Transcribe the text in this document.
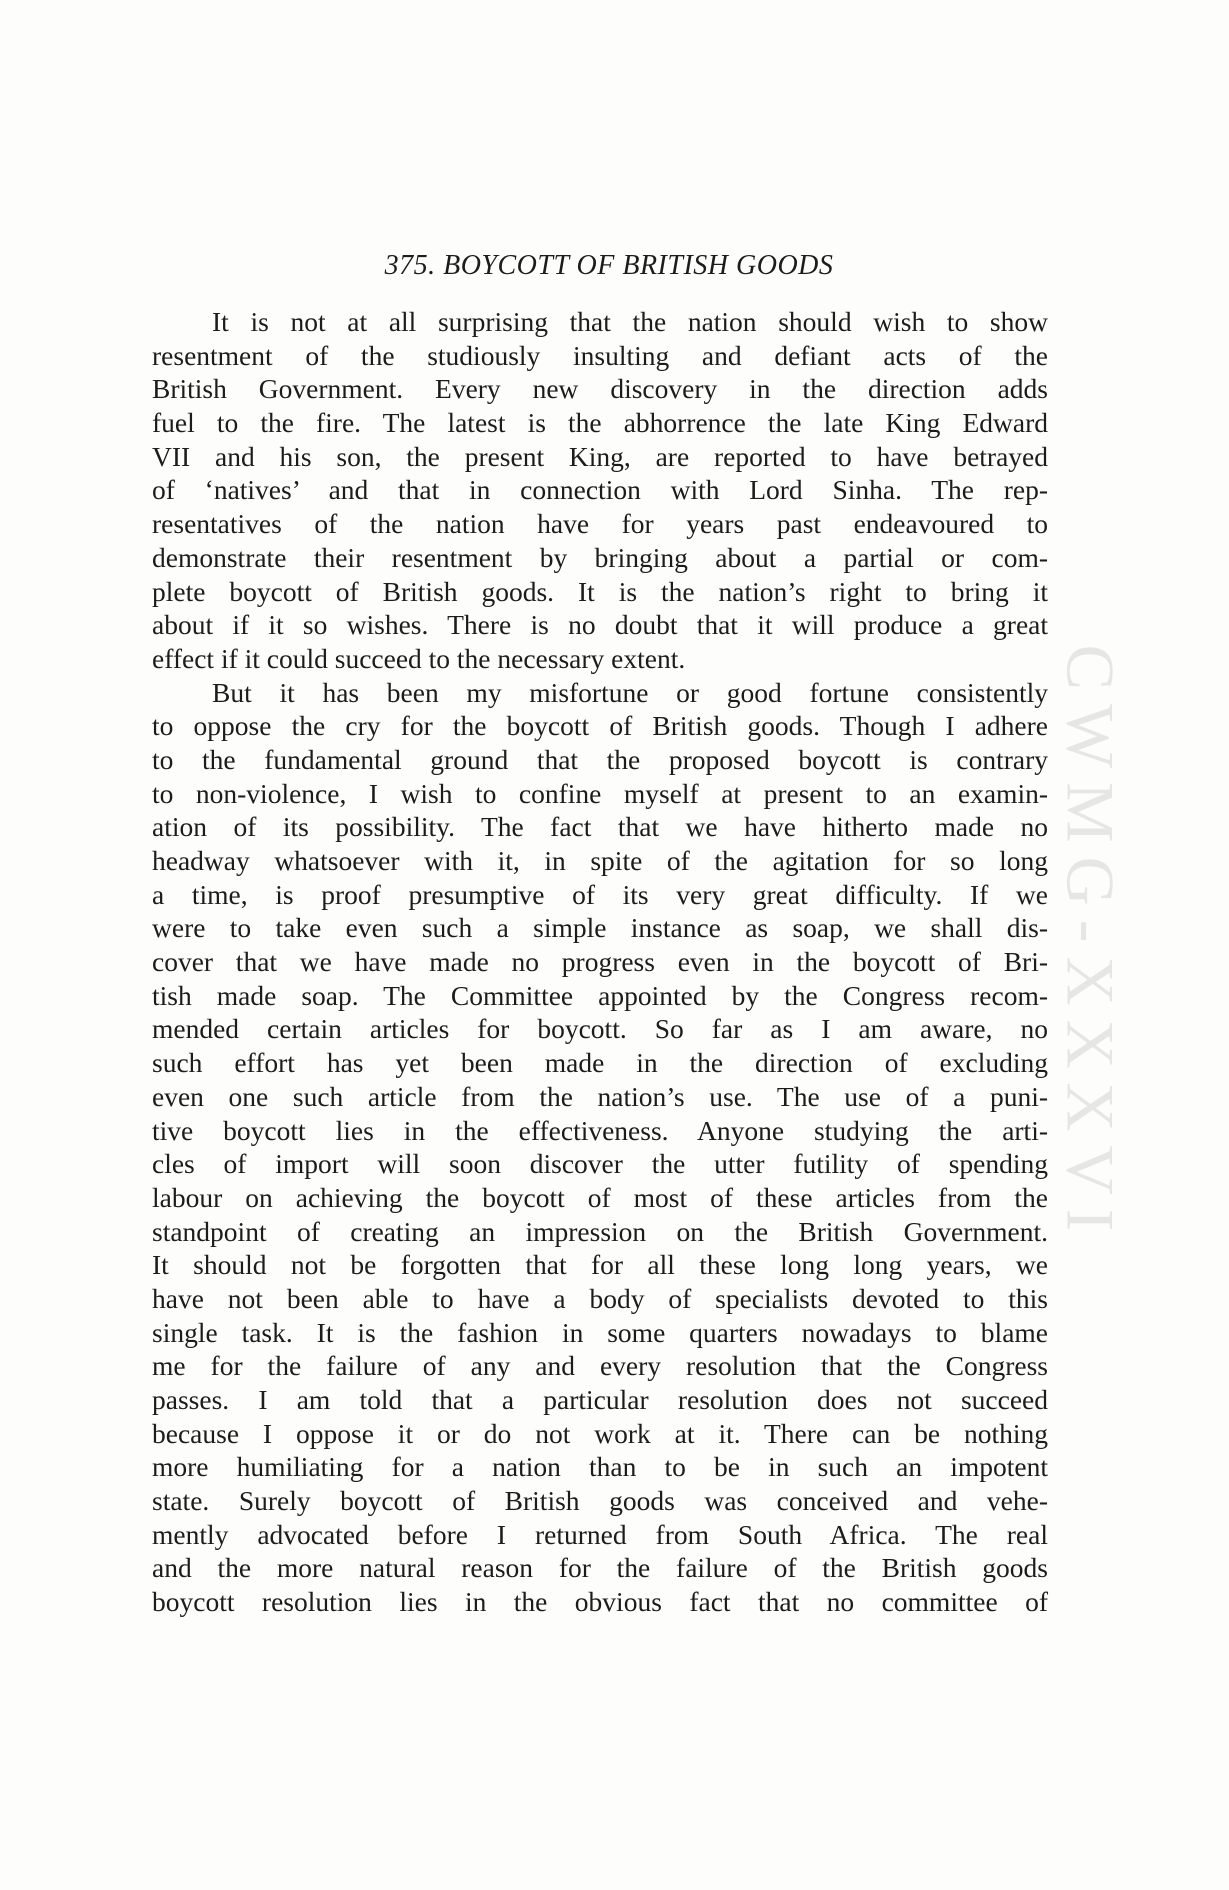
CWMG-XXXVI
375. BOYCOTT OF BRITISH GOODS
It is not at all surprising that the nation should wish to show
resentment of the studiously insulting and defiant acts of the
British Government. Every new discovery in the direction adds
fuel to the fire. The latest is the abhorrence the late King Edward
VII and his son, the present King, are reported to have betrayed
of ‘natives’ and that in connection with Lord Sinha. The rep-
resentatives of the nation have for years past endeavoured to
demonstrate their resentment by bringing about a partial or com-
plete boycott of British goods. It is the nation’s right to bring it
about if it so wishes. There is no doubt that it will produce a great
effect if it could succeed to the necessary extent.
But it has been my misfortune or good fortune consistently
to oppose the cry for the boycott of British goods. Though I adhere
to the fundamental ground that the proposed boycott is contrary
to non-violence, I wish to confine myself at present to an examin-
ation of its possibility. The fact that we have hitherto made no
headway whatsoever with it, in spite of the agitation for so long
a time, is proof presumptive of its very great difficulty. If we
were to take even such a simple instance as soap, we shall dis-
cover that we have made no progress even in the boycott of Bri-
tish made soap. The Committee appointed by the Congress recom-
mended certain articles for boycott. So far as I am aware, no
such effort has yet been made in the direction of excluding
even one such article from the nation’s use. The use of a puni-
tive boycott lies in the effectiveness. Anyone studying the arti-
cles of import will soon discover the utter futility of spending
labour on achieving the boycott of most of these articles from the
standpoint of creating an impression on the British Government.
It should not be forgotten that for all these long long years, we
have not been able to have a body of specialists devoted to this
single task. It is the fashion in some quarters nowadays to blame
me for the failure of any and every resolution that the Congress
passes. I am told that a particular resolution does not succeed
because I oppose it or do not work at it. There can be nothing
more humiliating for a nation than to be in such an impotent
state. Surely boycott of British goods was conceived and vehe-
mently advocated before I returned from South Africa. The real
and the more natural reason for the failure of the British goods
boycott resolution lies in the obvious fact that no committee of
